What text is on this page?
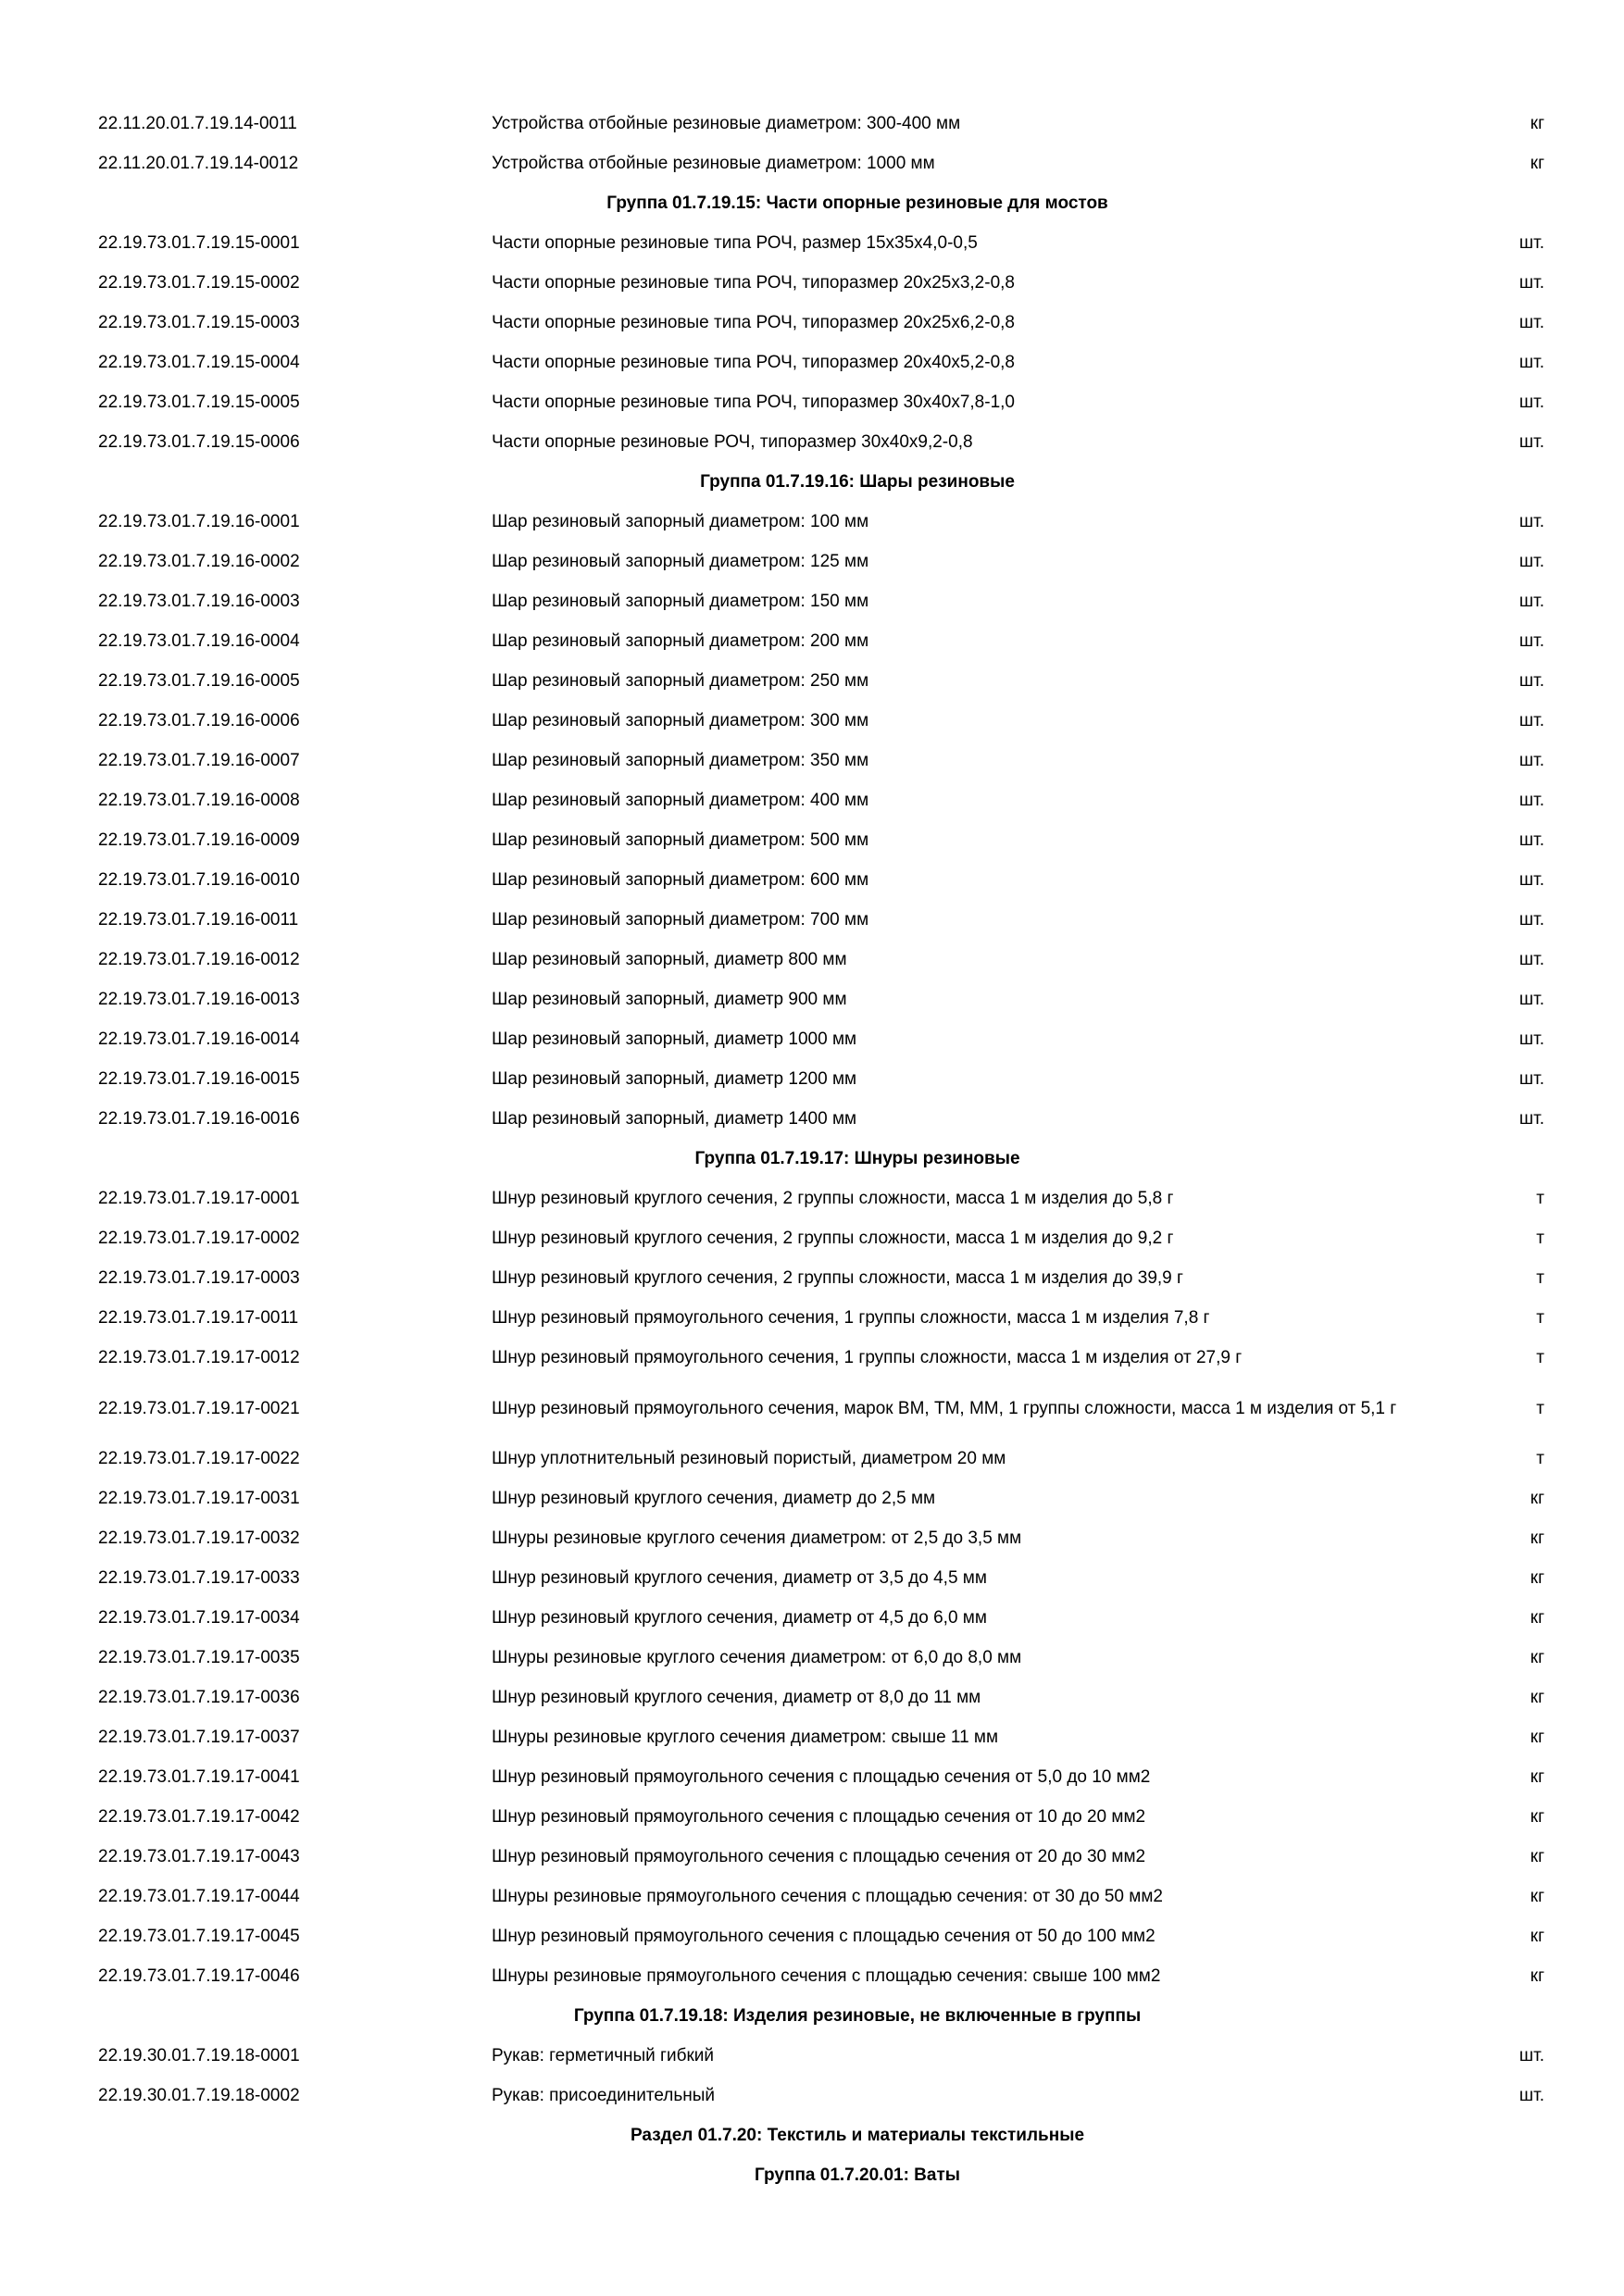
22.11.20.01.7.19.14-0011	Устройства отбойные резиновые диаметром: 300-400 мм	кг
22.11.20.01.7.19.14-0012	Устройства отбойные резиновые диаметром: 1000 мм	кг
Группа 01.7.19.15: Части опорные резиновые для мостов
22.19.73.01.7.19.15-0001	Части опорные резиновые типа РОЧ, размер 15x35x4,0-0,5	шт.
22.19.73.01.7.19.15-0002	Части опорные резиновые типа РОЧ, типоразмер 20x25x3,2-0,8	шт.
22.19.73.01.7.19.15-0003	Части опорные резиновые типа РОЧ, типоразмер 20x25x6,2-0,8	шт.
22.19.73.01.7.19.15-0004	Части опорные резиновые типа РОЧ, типоразмер 20x40x5,2-0,8	шт.
22.19.73.01.7.19.15-0005	Части опорные резиновые типа РОЧ, типоразмер 30x40x7,8-1,0	шт.
22.19.73.01.7.19.15-0006	Части опорные резиновые РОЧ, типоразмер 30x40x9,2-0,8	шт.
Группа 01.7.19.16: Шары резиновые
22.19.73.01.7.19.16-0001	Шар резиновый запорный диаметром: 100 мм	шт.
22.19.73.01.7.19.16-0002	Шар резиновый запорный диаметром: 125 мм	шт.
22.19.73.01.7.19.16-0003	Шар резиновый запорный диаметром: 150 мм	шт.
22.19.73.01.7.19.16-0004	Шар резиновый запорный диаметром: 200 мм	шт.
22.19.73.01.7.19.16-0005	Шар резиновый запорный диаметром: 250 мм	шт.
22.19.73.01.7.19.16-0006	Шар резиновый запорный диаметром: 300 мм	шт.
22.19.73.01.7.19.16-0007	Шар резиновый запорный диаметром: 350 мм	шт.
22.19.73.01.7.19.16-0008	Шар резиновый запорный диаметром: 400 мм	шт.
22.19.73.01.7.19.16-0009	Шар резиновый запорный диаметром: 500 мм	шт.
22.19.73.01.7.19.16-0010	Шар резиновый запорный диаметром: 600 мм	шт.
22.19.73.01.7.19.16-0011	Шар резиновый запорный диаметром: 700 мм	шт.
22.19.73.01.7.19.16-0012	Шар резиновый запорный, диаметр 800 мм	шт.
22.19.73.01.7.19.16-0013	Шар резиновый запорный, диаметр 900 мм	шт.
22.19.73.01.7.19.16-0014	Шар резиновый запорный, диаметр 1000 мм	шт.
22.19.73.01.7.19.16-0015	Шар резиновый запорный, диаметр 1200 мм	шт.
22.19.73.01.7.19.16-0016	Шар резиновый запорный, диаметр 1400 мм	шт.
Группа 01.7.19.17: Шнуры резиновые
22.19.73.01.7.19.17-0001	Шнур резиновый круглого сечения, 2 группы сложности, масса 1 м изделия до 5,8 г	т
22.19.73.01.7.19.17-0002	Шнур резиновый круглого сечения, 2 группы сложности, масса 1 м изделия до 9,2 г	т
22.19.73.01.7.19.17-0003	Шнур резиновый круглого сечения, 2 группы сложности, масса 1 м изделия до 39,9 г	т
22.19.73.01.7.19.17-0011	Шнур резиновый прямоугольного сечения, 1 группы сложности, масса 1 м изделия 7,8 г	т
22.19.73.01.7.19.17-0012	Шнур резиновый прямоугольного сечения, 1 группы сложности, масса 1 м изделия от 27,9 г	т
22.19.73.01.7.19.17-0021	Шнур резиновый прямоугольного сечения, марок ВМ, ТМ, ММ, 1 группы сложности, масса 1 м изделия от 5,1 г	т
22.19.73.01.7.19.17-0022	Шнур уплотнительный резиновый пористый, диаметром 20 мм	т
22.19.73.01.7.19.17-0031	Шнур резиновый круглого сечения, диаметр до 2,5 мм	кг
22.19.73.01.7.19.17-0032	Шнуры резиновые круглого сечения диаметром: от 2,5 до 3,5 мм	кг
22.19.73.01.7.19.17-0033	Шнур резиновый круглого сечения, диаметр от 3,5 до 4,5 мм	кг
22.19.73.01.7.19.17-0034	Шнур резиновый круглого сечения, диаметр от 4,5 до 6,0 мм	кг
22.19.73.01.7.19.17-0035	Шнуры резиновые круглого сечения диаметром: от 6,0 до 8,0 мм	кг
22.19.73.01.7.19.17-0036	Шнур резиновый круглого сечения, диаметр от 8,0 до 11 мм	кг
22.19.73.01.7.19.17-0037	Шнуры резиновые круглого сечения диаметром: свыше 11 мм	кг
22.19.73.01.7.19.17-0041	Шнур резиновый прямоугольного сечения с площадью сечения от 5,0 до 10 мм2	кг
22.19.73.01.7.19.17-0042	Шнур резиновый прямоугольного сечения с площадью сечения от 10 до 20 мм2	кг
22.19.73.01.7.19.17-0043	Шнур резиновый прямоугольного сечения с площадью сечения от 20 до 30 мм2	кг
22.19.73.01.7.19.17-0044	Шнуры резиновые прямоугольного сечения с площадью сечения: от 30 до 50 мм2	кг
22.19.73.01.7.19.17-0045	Шнур резиновый прямоугольного сечения с площадью сечения от 50 до 100 мм2	кг
22.19.73.01.7.19.17-0046	Шнуры резиновые прямоугольного сечения с площадью сечения: свыше 100 мм2	кг
Группа 01.7.19.18: Изделия резиновые, не включенные в группы
22.19.30.01.7.19.18-0001	Рукав: герметичный гибкий	шт.
22.19.30.01.7.19.18-0002	Рукав: присоединительный	шт.
Раздел 01.7.20: Текстиль и материалы текстильные
Группа 01.7.20.01: Ваты
